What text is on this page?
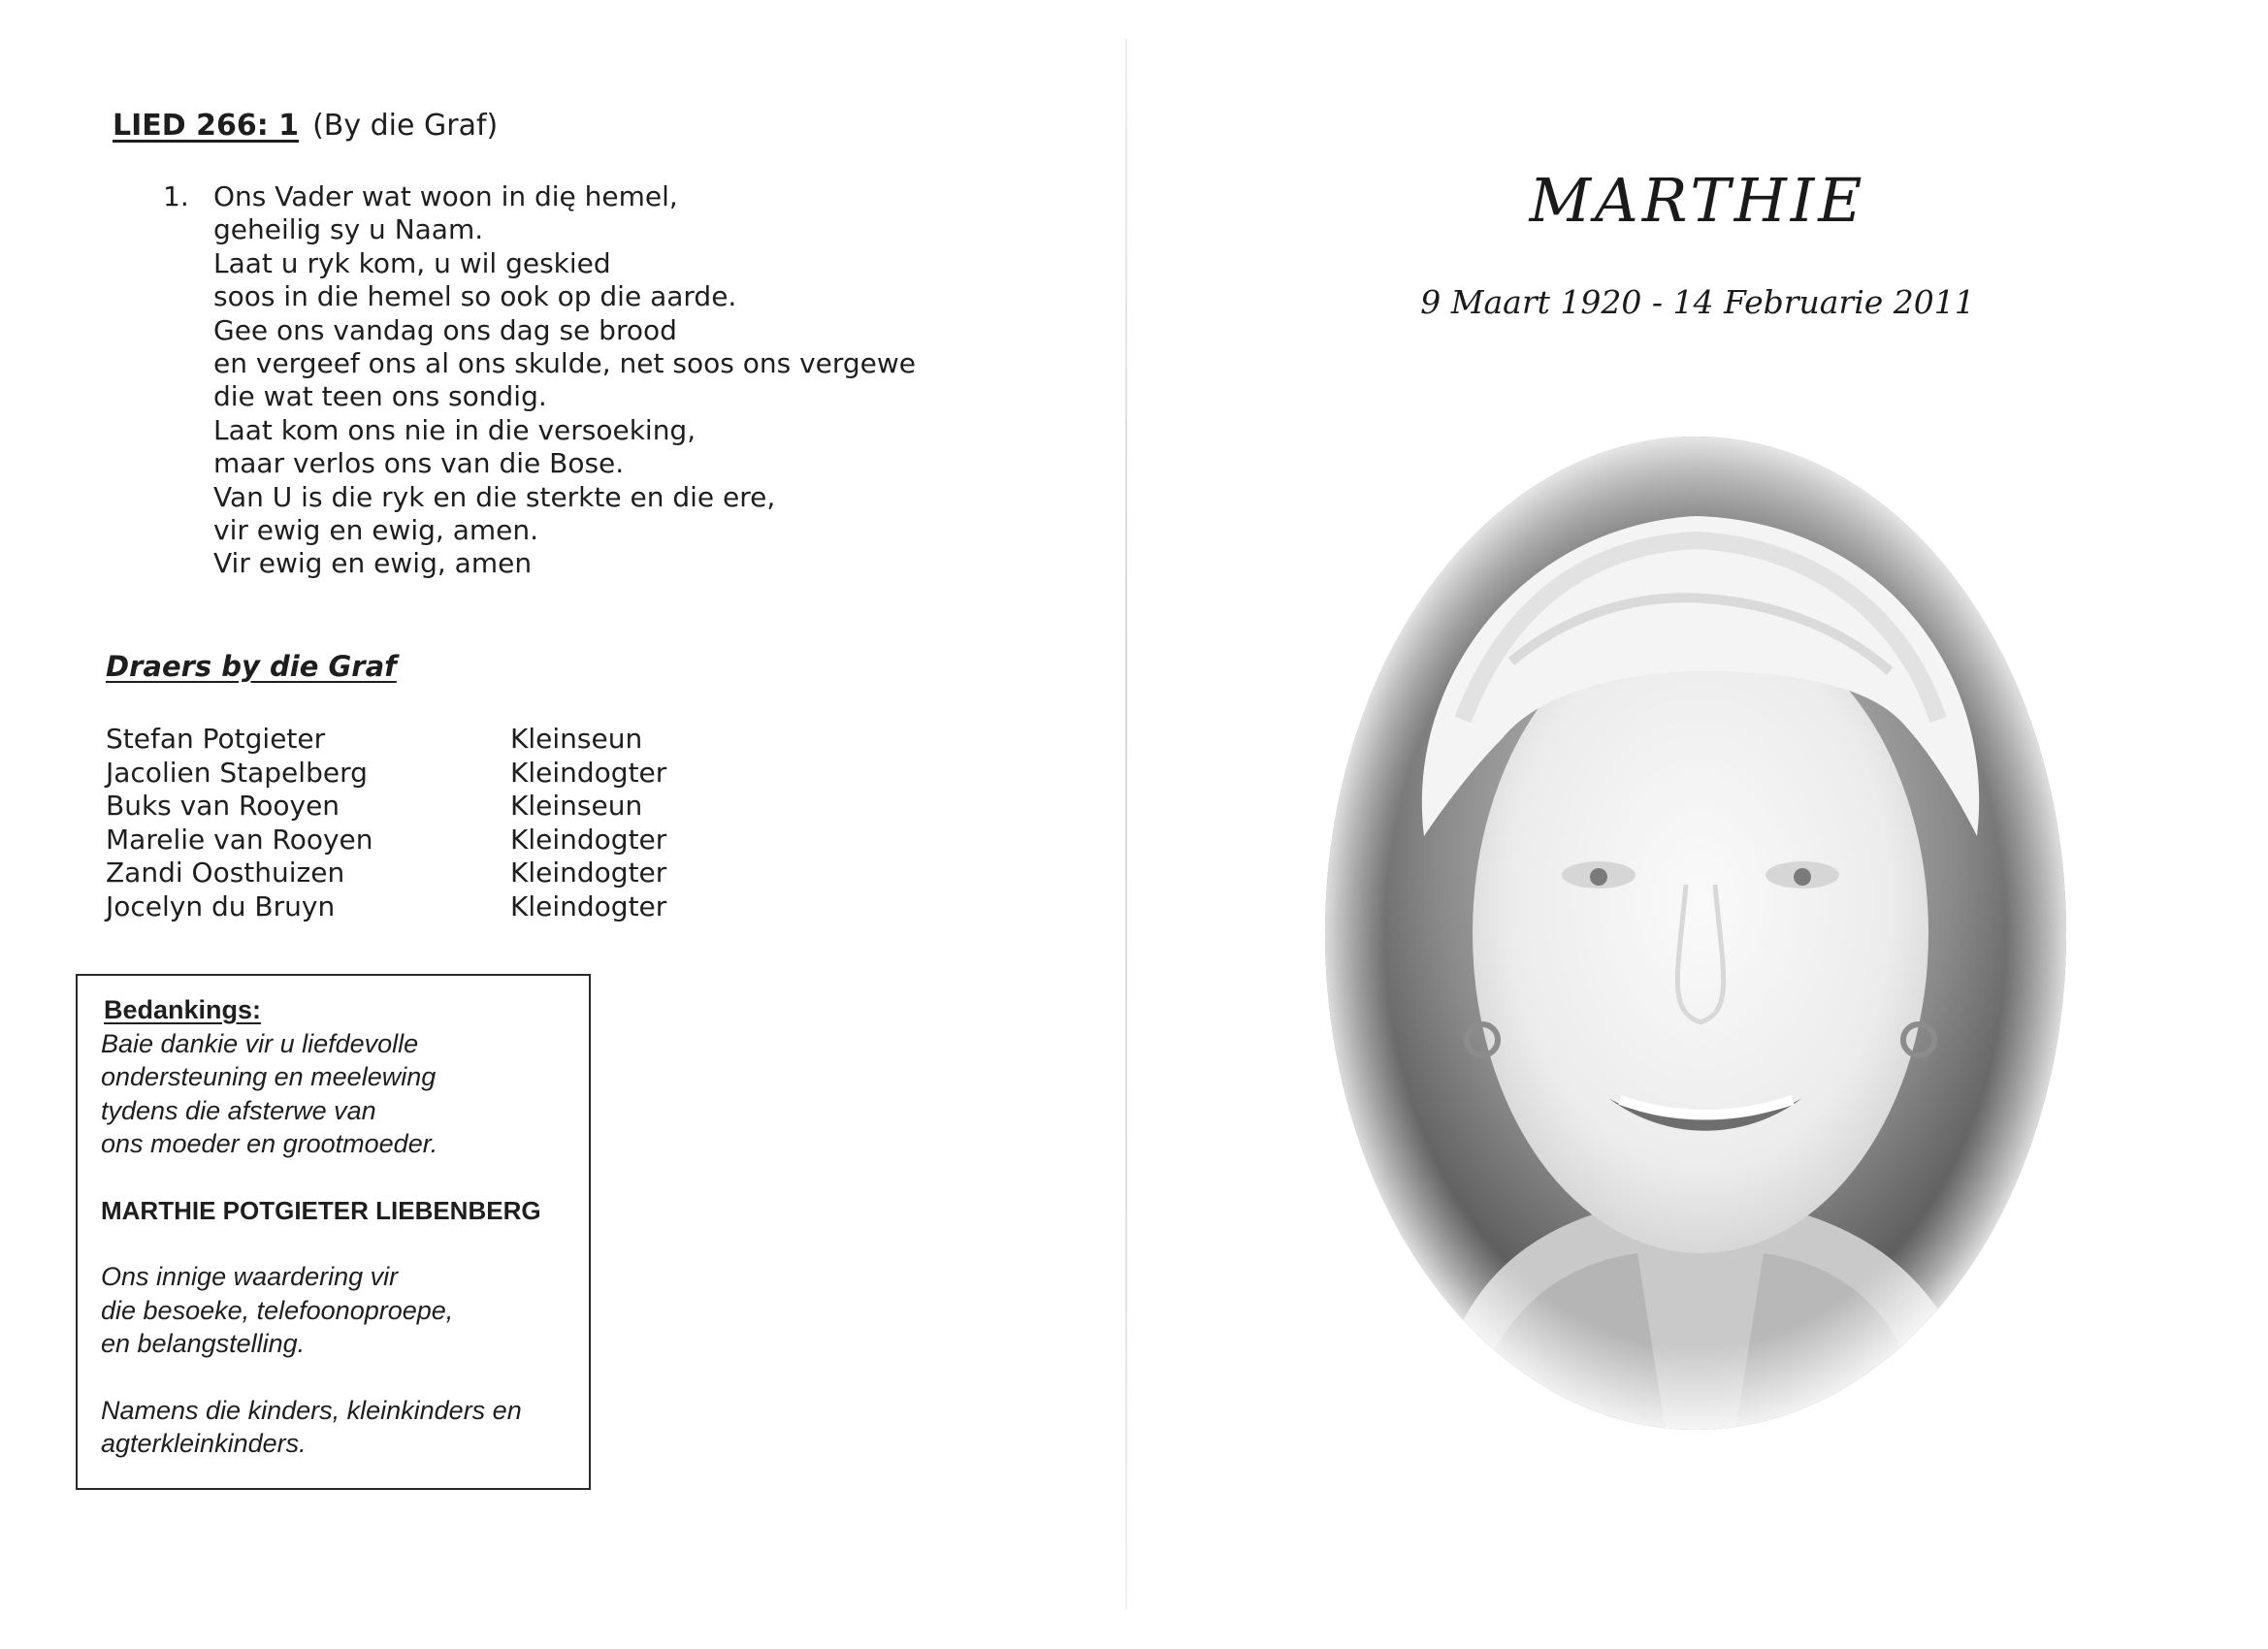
LIED 266: 1 (By die Graf)
1. Ons Vader wat woon in dię hemel,
geheilig sy u Naam.
Laat u ryk kom, u wil geskied
soos in die hemel so ook op die aarde.
Gee ons vandag ons dag se brood
en vergeef ons al ons skulde, net soos ons vergewe
die wat teen ons sondig.
Laat kom ons nie in die versoeking,
maar verlos ons van die Bose.
Van U is die ryk en die sterkte en die ere,
vir ewig en ewig, amen.
Vir ewig en ewig, amen
Draers by die Graf
Stefan Potgieter	Kleinseun
Jacolien Stapelberg	Kleindogter
Buks van Rooyen	Kleinseun
Marelie van Rooyen	Kleindogter
Zandi Oosthuizen	Kleindogter
Jocelyn du Bruyn	Kleindogter
Bedankings:
Baie dankie vir u liefdevolle
ondersteuning en meelewing
tydens die afsterwe van
ons moeder en grootmoeder.
MARTHIE POTGIETER LIEBENBERG
Ons innige waardering vir
die besoeke, telefoonoproepe,
en belangstelling.
Namens die kinders, kleinkinders en
agterkleinkinders.
MARTHIE
9 Maart 1920 - 14 Februarie 2011
